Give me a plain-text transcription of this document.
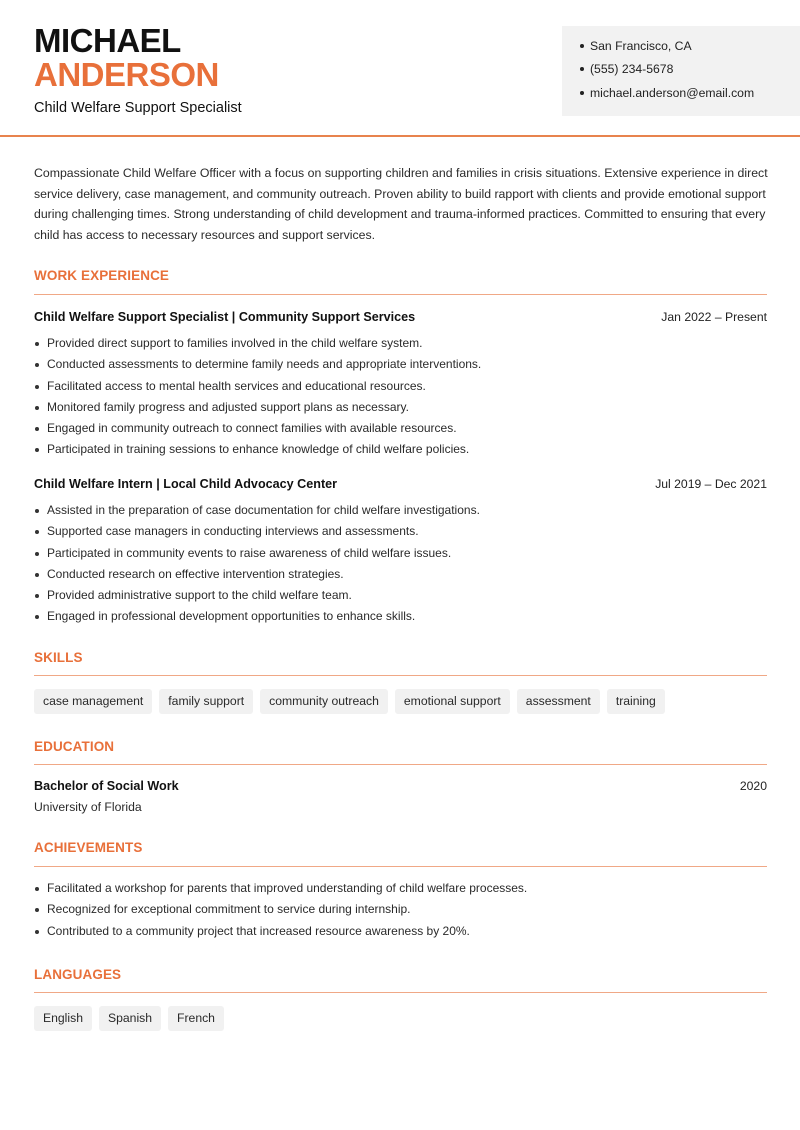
MICHAEL
ANDERSON
Child Welfare Support Specialist
San Francisco, CA
(555) 234-5678
michael.anderson@email.com
Compassionate Child Welfare Officer with a focus on supporting children and families in crisis situations. Extensive experience in direct service delivery, case management, and community outreach. Proven ability to build rapport with clients and provide emotional support during challenging times. Strong understanding of child development and trauma-informed practices. Committed to ensuring that every child has access to necessary resources and support services.
WORK EXPERIENCE
Child Welfare Support Specialist | Community Support Services	Jan 2022 – Present
Provided direct support to families involved in the child welfare system.
Conducted assessments to determine family needs and appropriate interventions.
Facilitated access to mental health services and educational resources.
Monitored family progress and adjusted support plans as necessary.
Engaged in community outreach to connect families with available resources.
Participated in training sessions to enhance knowledge of child welfare policies.
Child Welfare Intern | Local Child Advocacy Center	Jul 2019 – Dec 2021
Assisted in the preparation of case documentation for child welfare investigations.
Supported case managers in conducting interviews and assessments.
Participated in community events to raise awareness of child welfare issues.
Conducted research on effective intervention strategies.
Provided administrative support to the child welfare team.
Engaged in professional development opportunities to enhance skills.
SKILLS
case management	family support	community outreach	emotional support	assessment	training
EDUCATION
Bachelor of Social Work	2020
University of Florida
ACHIEVEMENTS
Facilitated a workshop for parents that improved understanding of child welfare processes.
Recognized for exceptional commitment to service during internship.
Contributed to a community project that increased resource awareness by 20%.
LANGUAGES
English	Spanish	French
